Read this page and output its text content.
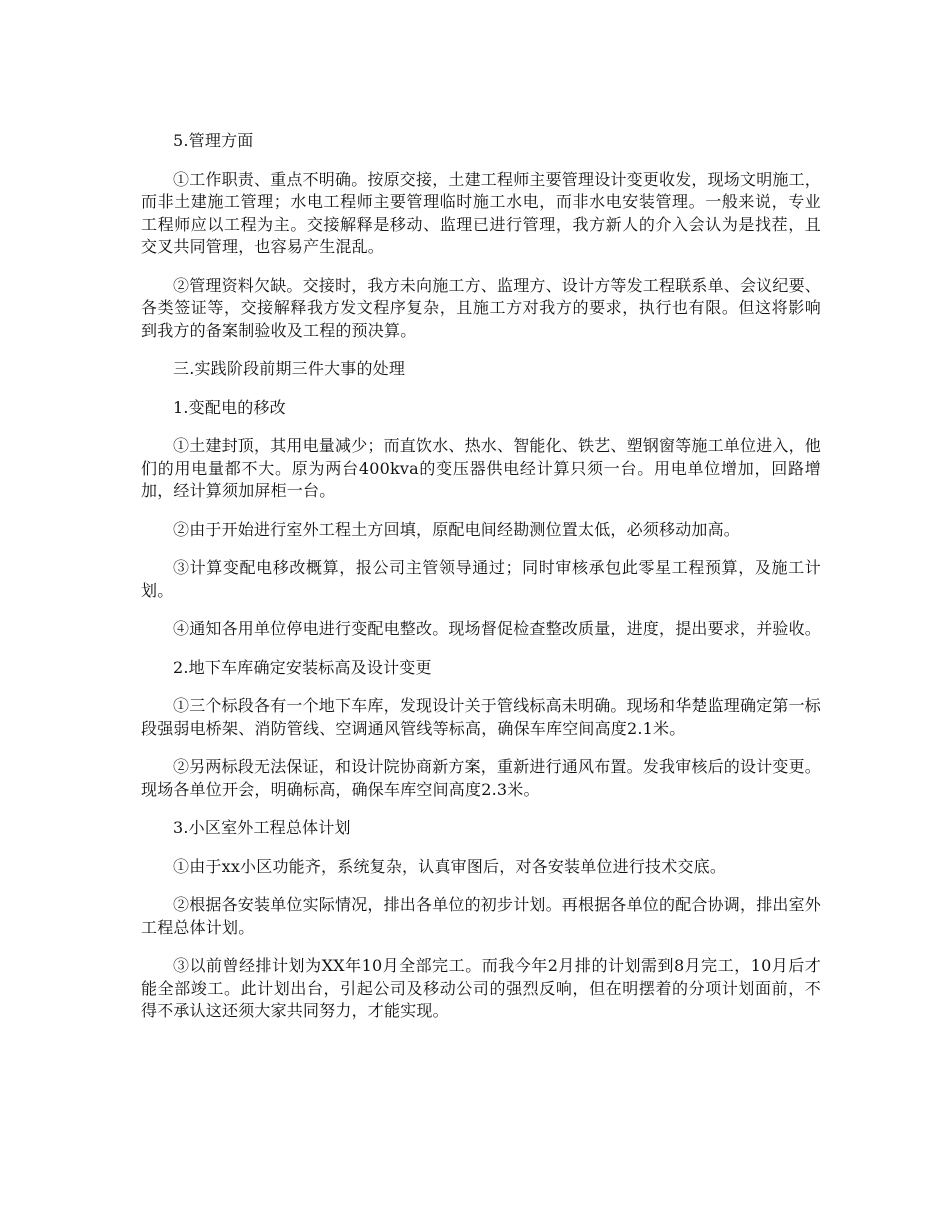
5.管理方面

①工作职责、重点不明确。按原交接，土建工程师主要管理设计变更收发，现场文明施工，而非土建施工管理；水电工程师主要管理临时施工水电，而非水电安装管理。一般来说，专业工程师应以工程为主。交接解释是移动、监理已进行管理，我方新人的介入会认为是找茬，且交叉共同管理，也容易产生混乱。

②管理资料欠缺。交接时，我方未向施工方、监理方、设计方等发工程联系单、会议纪要、各类签证等，交接解释我方发文程序复杂，且施工方对我方的要求，执行也有限。但这将影响到我方的备案制验收及工程的预决算。

三.实践阶段前期三件大事的处理

1.变配电的移改

①土建封顶，其用电量减少；而直饮水、热水、智能化、铁艺、塑钢窗等施工单位进入，他们的用电量都不大。原为两台400kva的变压器供电经计算只须一台。用电单位增加，回路增加，经计算须加屏柜一台。

②由于开始进行室外工程土方回填，原配电间经勘测位置太低，必须移动加高。

③计算变配电移改概算，报公司主管领导通过；同时审核承包此零星工程预算，及施工计划。

④通知各用单位停电进行变配电整改。现场督促检查整改质量，进度，提出要求，并验收。

2.地下车库确定安装标高及设计变更

①三个标段各有一个地下车库，发现设计关于管线标高未明确。现场和华楚监理确定第一标段强弱电桥架、消防管线、空调通风管线等标高，确保车库空间高度2.1米。

②另两标段无法保证，和设计院协商新方案，重新进行通风布置。发我审核后的设计变更。现场各单位开会，明确标高，确保车库空间高度2.3米。

3.小区室外工程总体计划

①由于xx小区功能齐，系统复杂，认真审图后，对各安装单位进行技术交底。

②根据各安装单位实际情况，排出各单位的初步计划。再根据各单位的配合协调，排出室外工程总体计划。

③以前曾经排计划为XX年10月全部完工。而我今年2月排的计划需到8月完工，10月后才能全部竣工。此计划出台，引起公司及移动公司的强烈反响，但在明摆着的分项计划面前，不得不承认这还须大家共同努力，才能实现。
